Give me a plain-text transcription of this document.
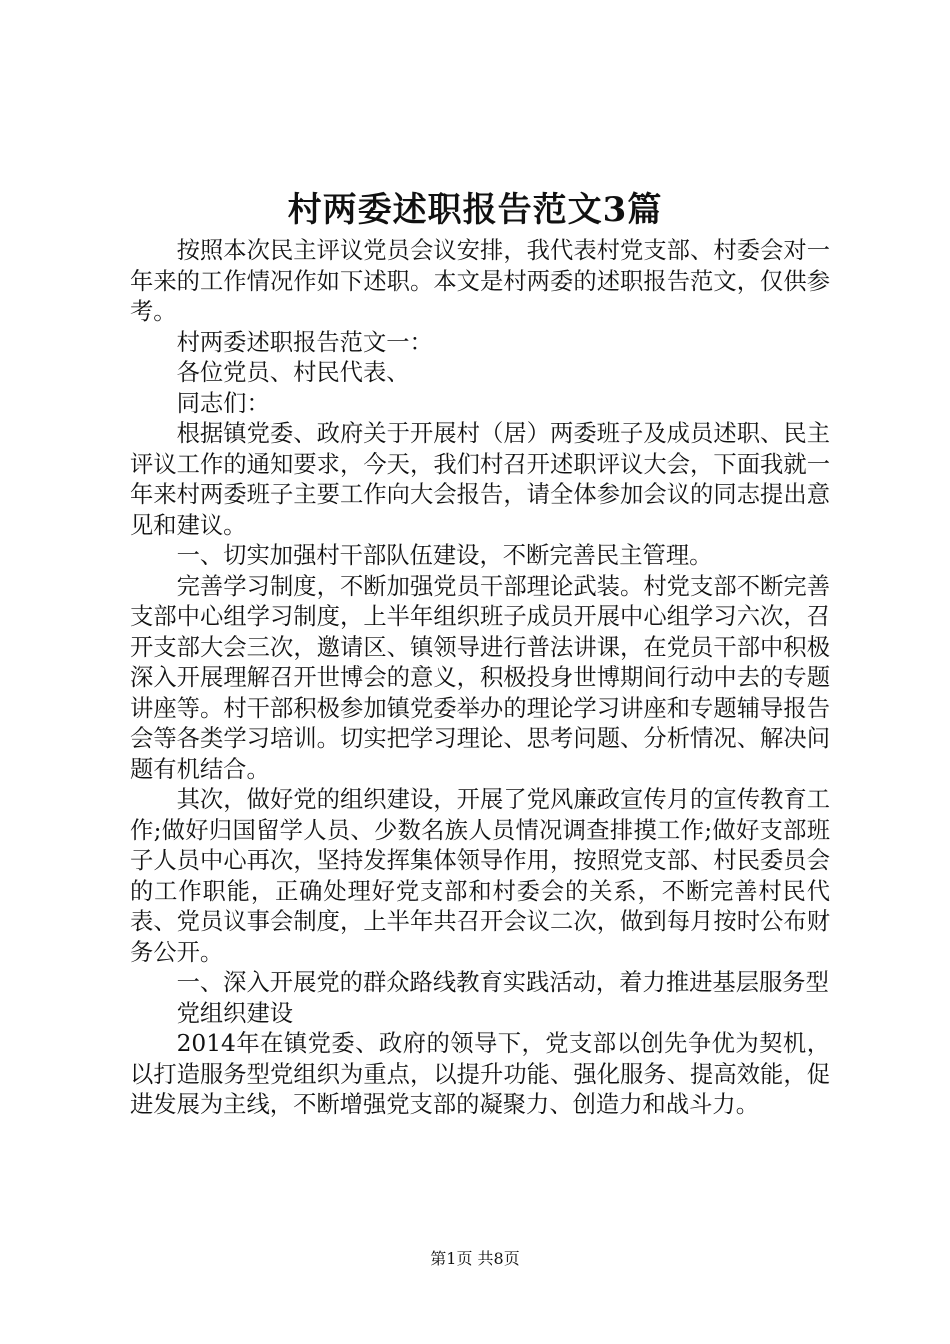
村两委述职报告范文3篇

按照本次民主评议党员会议安排，我代表村党支部、村委会对一年来的工作情况作如下述职。本文是村两委的述职报告范文，仅供参考。

村两委述职报告范文一：

各位党员、村民代表、

同志们：

根据镇党委、政府关于开展村（居）两委班子及成员述职、民主评议工作的通知要求，今天，我们村召开述职评议大会，下面我就一年来村两委班子主要工作向大会报告，请全体参加会议的同志提出意见和建议。

一、切实加强村干部队伍建设，不断完善民主管理。

完善学习制度，不断加强党员干部理论武装。村党支部不断完善支部中心组学习制度，上半年组织班子成员开展中心组学习六次，召开支部大会三次，邀请区、镇领导进行普法讲课，在党员干部中积极深入开展理解召开世博会的意义，积极投身世博期间行动中去的专题讲座等。村干部积极参加镇党委举办的理论学习讲座和专题辅导报告会等各类学习培训。切实把学习理论、思考问题、分析情况、解决问题有机结合。

其次，做好党的组织建设，开展了党风廉政宣传月的宣传教育工作;做好归国留学人员、少数名族人员情况调查排摸工作;做好支部班子人员中心再次，坚持发挥集体领导作用，按照党支部、村民委员会的工作职能，正确处理好党支部和村委会的关系，不断完善村民代表、党员议事会制度，上半年共召开会议二次，做到每月按时公布财务公开。

一、深入开展党的群众路线教育实践活动，着力推进基层服务型

党组织建设

2014年在镇党委、政府的领导下，党支部以创先争优为契机，以打造服务型党组织为重点，以提升功能、强化服务、提高效能，促进发展为主线，不断增强党支部的凝聚力、创造力和战斗力。

第1页 共8页
